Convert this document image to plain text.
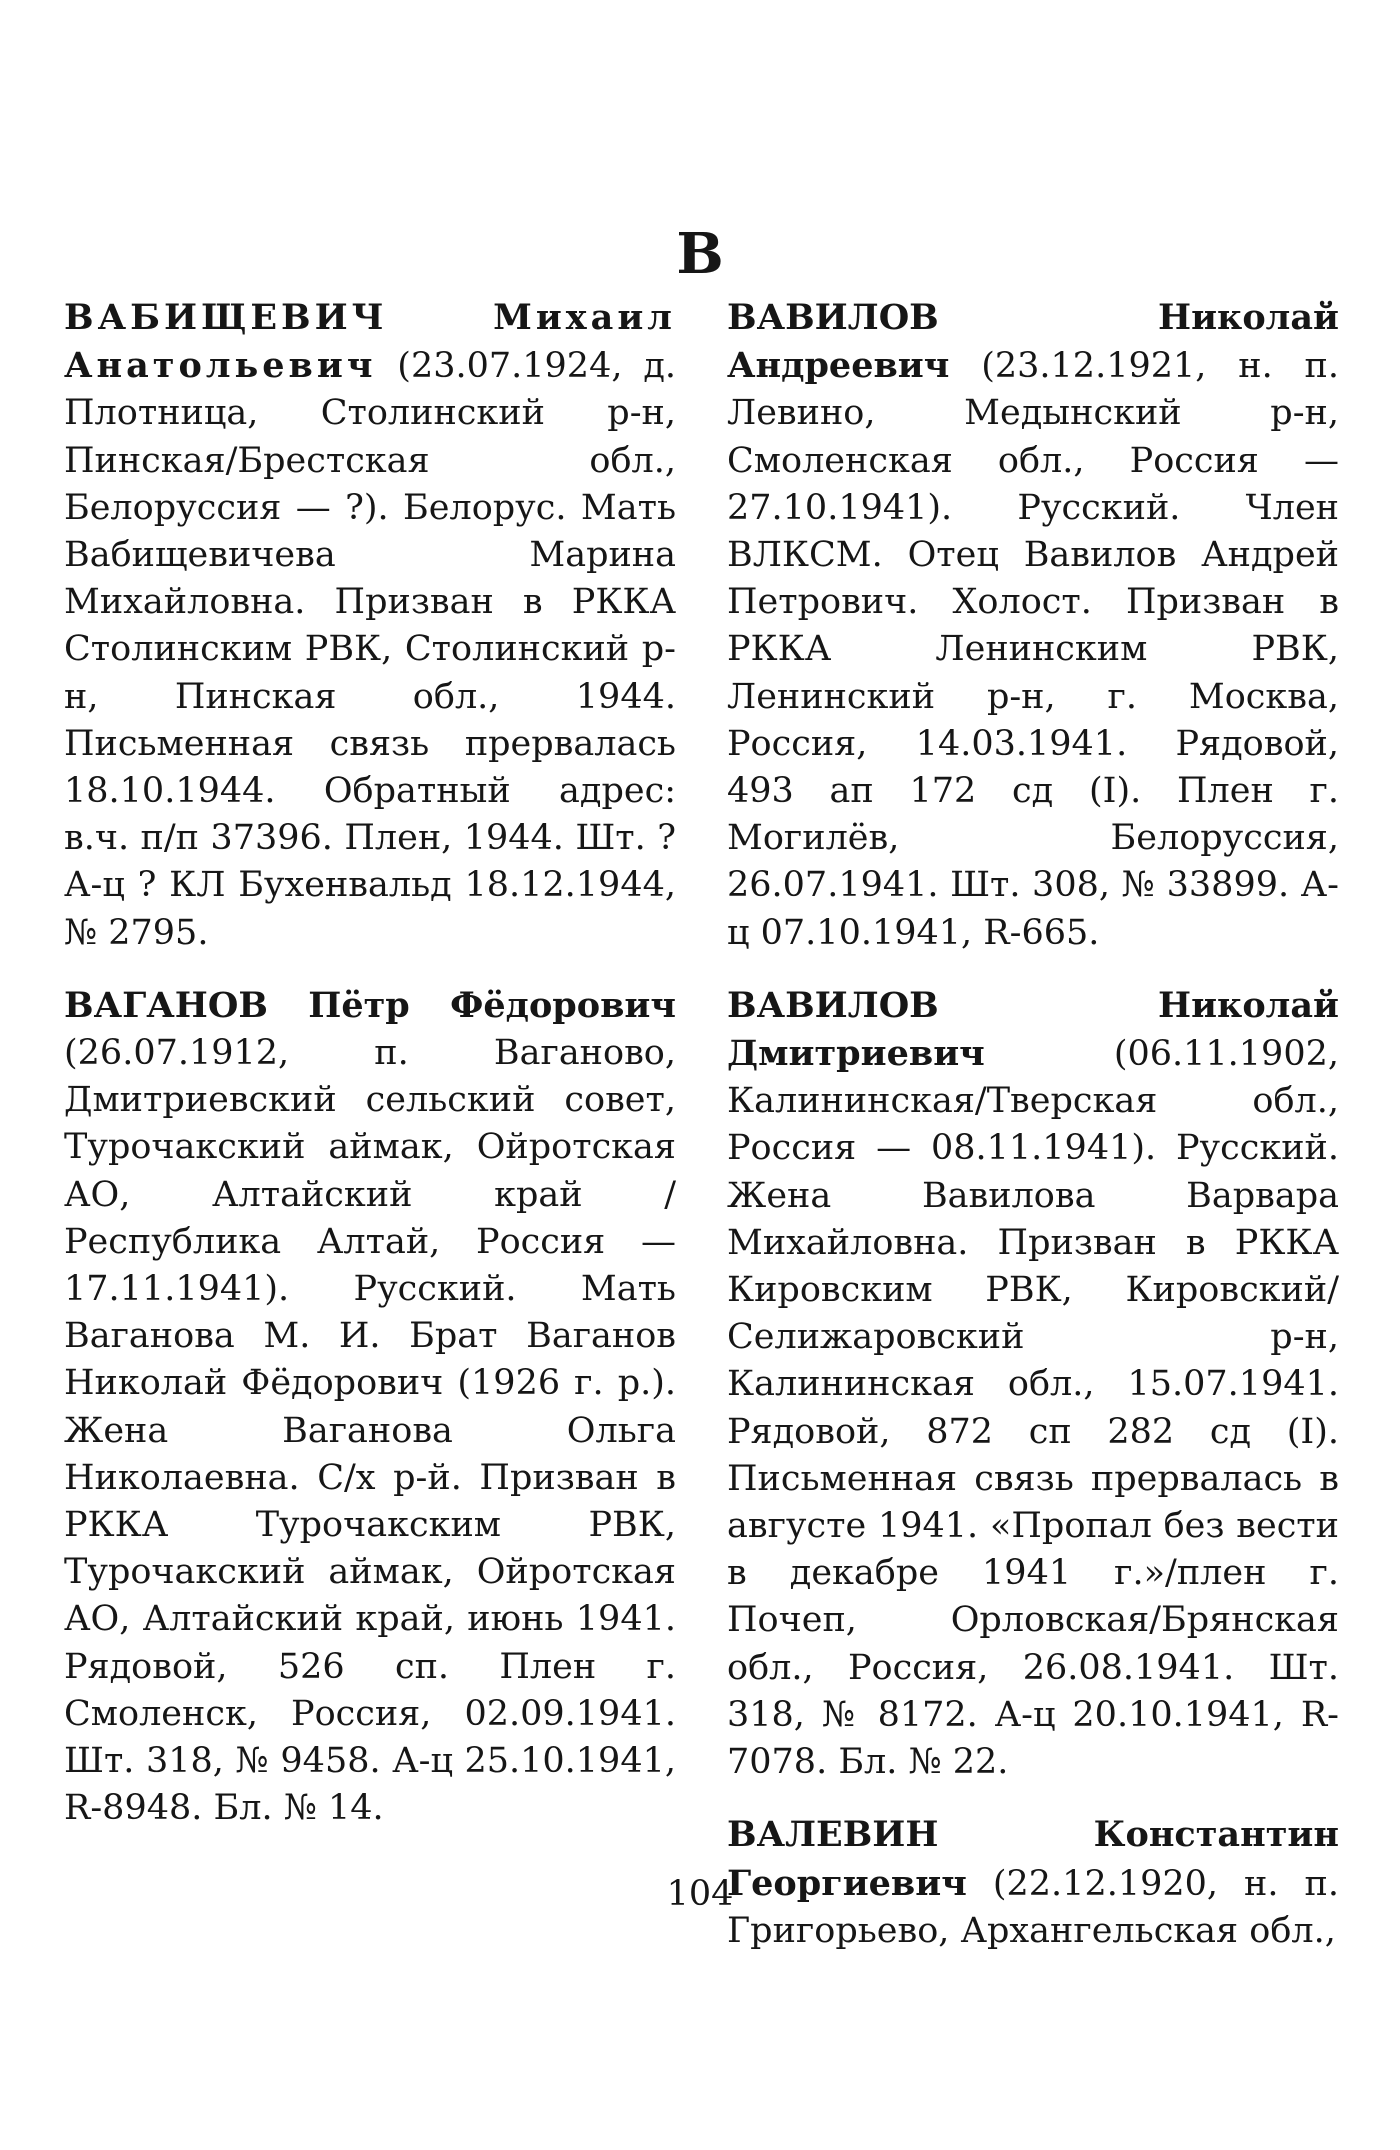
В

ВАБИЩЕВИЧ Михаил Анатольевич (23.07.1924, д. Плотница, Столинский р-н, Пинская/Брестская обл., Белоруссия — ?). Белорус. Мать Вабищевичева Марина Михайловна. Призван в РККА Столинским РВК, Столинский р-н, Пинская обл., 1944. Письменная связь прервалась 18.10.1944. Обратный адрес: в.ч. п/п 37396. Плен, 1944. Шт. ? А-ц ? КЛ Бухенвальд 18.12.1944, № 2795.

ВАГАНОВ Пётр Фёдорович (26.07.1912, п. Ваганово, Дмитриевский сельский совет, Турочакский аймак, Ойротская АО, Алтайский край / Республика Алтай, Россия — 17.11.1941). Русский. Мать Ваганова М. И. Брат Ваганов Николай Фёдорович (1926 г. р.). Жена Ваганова Ольга Николаевна. С/х р-й. Призван в РККА Турочакским РВК, Турочакский аймак, Ойротская АО, Алтайский край, июнь 1941. Рядовой, 526 сп. Плен г. Смоленск, Россия, 02.09.1941. Шт. 318, № 9458. А-ц 25.10.1941, R-8948. Бл. № 14.

ВАВИЛОВ Николай Андреевич (23.12.1921, н. п. Левино, Медынский р-н, Смоленская обл., Россия — 27.10.1941). Русский. Член ВЛКСМ. Отец Вавилов Андрей Петрович. Холост. Призван в РККА Ленинским РВК, Ленинский р-н, г. Москва, Россия, 14.03.1941. Рядовой, 493 ап 172 сд (I). Плен г. Могилёв, Белоруссия, 26.07.1941. Шт. 308, № 33899. А-ц 07.10.1941, R-665.

ВАВИЛОВ Николай Дмитриевич	(06.11.1902, Калининская/Тверская обл., Россия — 08.11.1941). Русский. Жена Вавилова Варвара Михайловна. Призван в РККА Кировским РВК, Кировский/ Селижаровский р-н, Калининская обл., 15.07.1941. Рядовой, 872 сп 282 сд (I). Письменная связь прервалась в августе 1941. «Пропал без вести в декабре 1941 г.»/плен г. Почеп, Орловская/Брянская обл., Россия, 26.08.1941. Шт. 318, № 8172. А-ц 20.10.1941, R-7078. Бл. № 22.

ВАЛЕВИН Константин Георгиевич (22.12.1920, н. п. Григорьево, Архангельская обл.,

104
